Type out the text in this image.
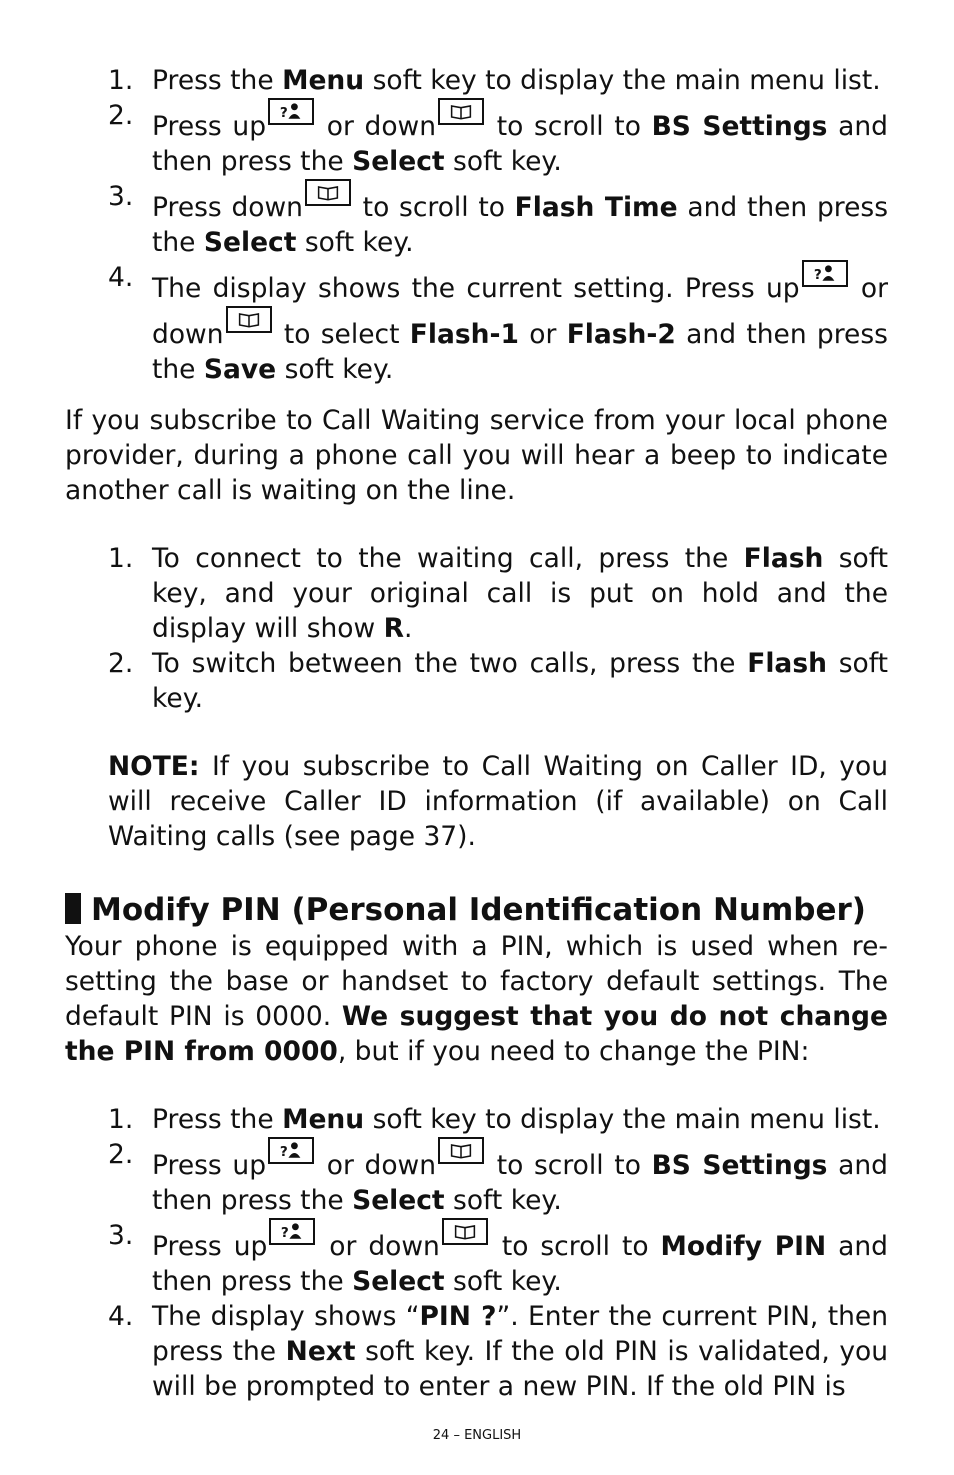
1. Press the Menu soft key to display the main menu list.
2. Press up ? or down
to scroll to BS Settings and then press the Select soft key.
3. Press down
to scroll to Flash Time and then press the Select soft key.
4. The display shows the current setting. Press up ? or down
to select Flash-1 or Flash-2 and then press the Save soft key.
If you subscribe to Call Waiting service from your local phone provider, during a phone call you will hear a beep to indicate another call is waiting on the line.
1. To connect to the waiting call, press the Flash soft key, and your original call is put on hold and the display will show R.
2. To switch between the two calls, press the Flash soft key.
NOTE: If you subscribe to Call Waiting on Caller ID, you will receive Caller ID information (if available) on Call Waiting calls (see page 37).
Modify PIN (Personal Identification Number)
Your phone is equipped with a PIN, which is used when re-setting the base or handset to factory default settings. The default PIN is 0000. We suggest that you do not change the PIN from 0000, but if you need to change the PIN:
1. Press the Menu soft key to display the main menu list.
2. Press up ? or down
to scroll to BS Settings and then press the Select soft key.
3. Press up ? or down
to scroll to Modify PIN and then press the Select soft key.
4. The display shows “PIN ?”. Enter the current PIN, then press the Next soft key. If the old PIN is validated, you will be prompted to enter a new PIN. If the old PIN is
24 – ENGLISH
